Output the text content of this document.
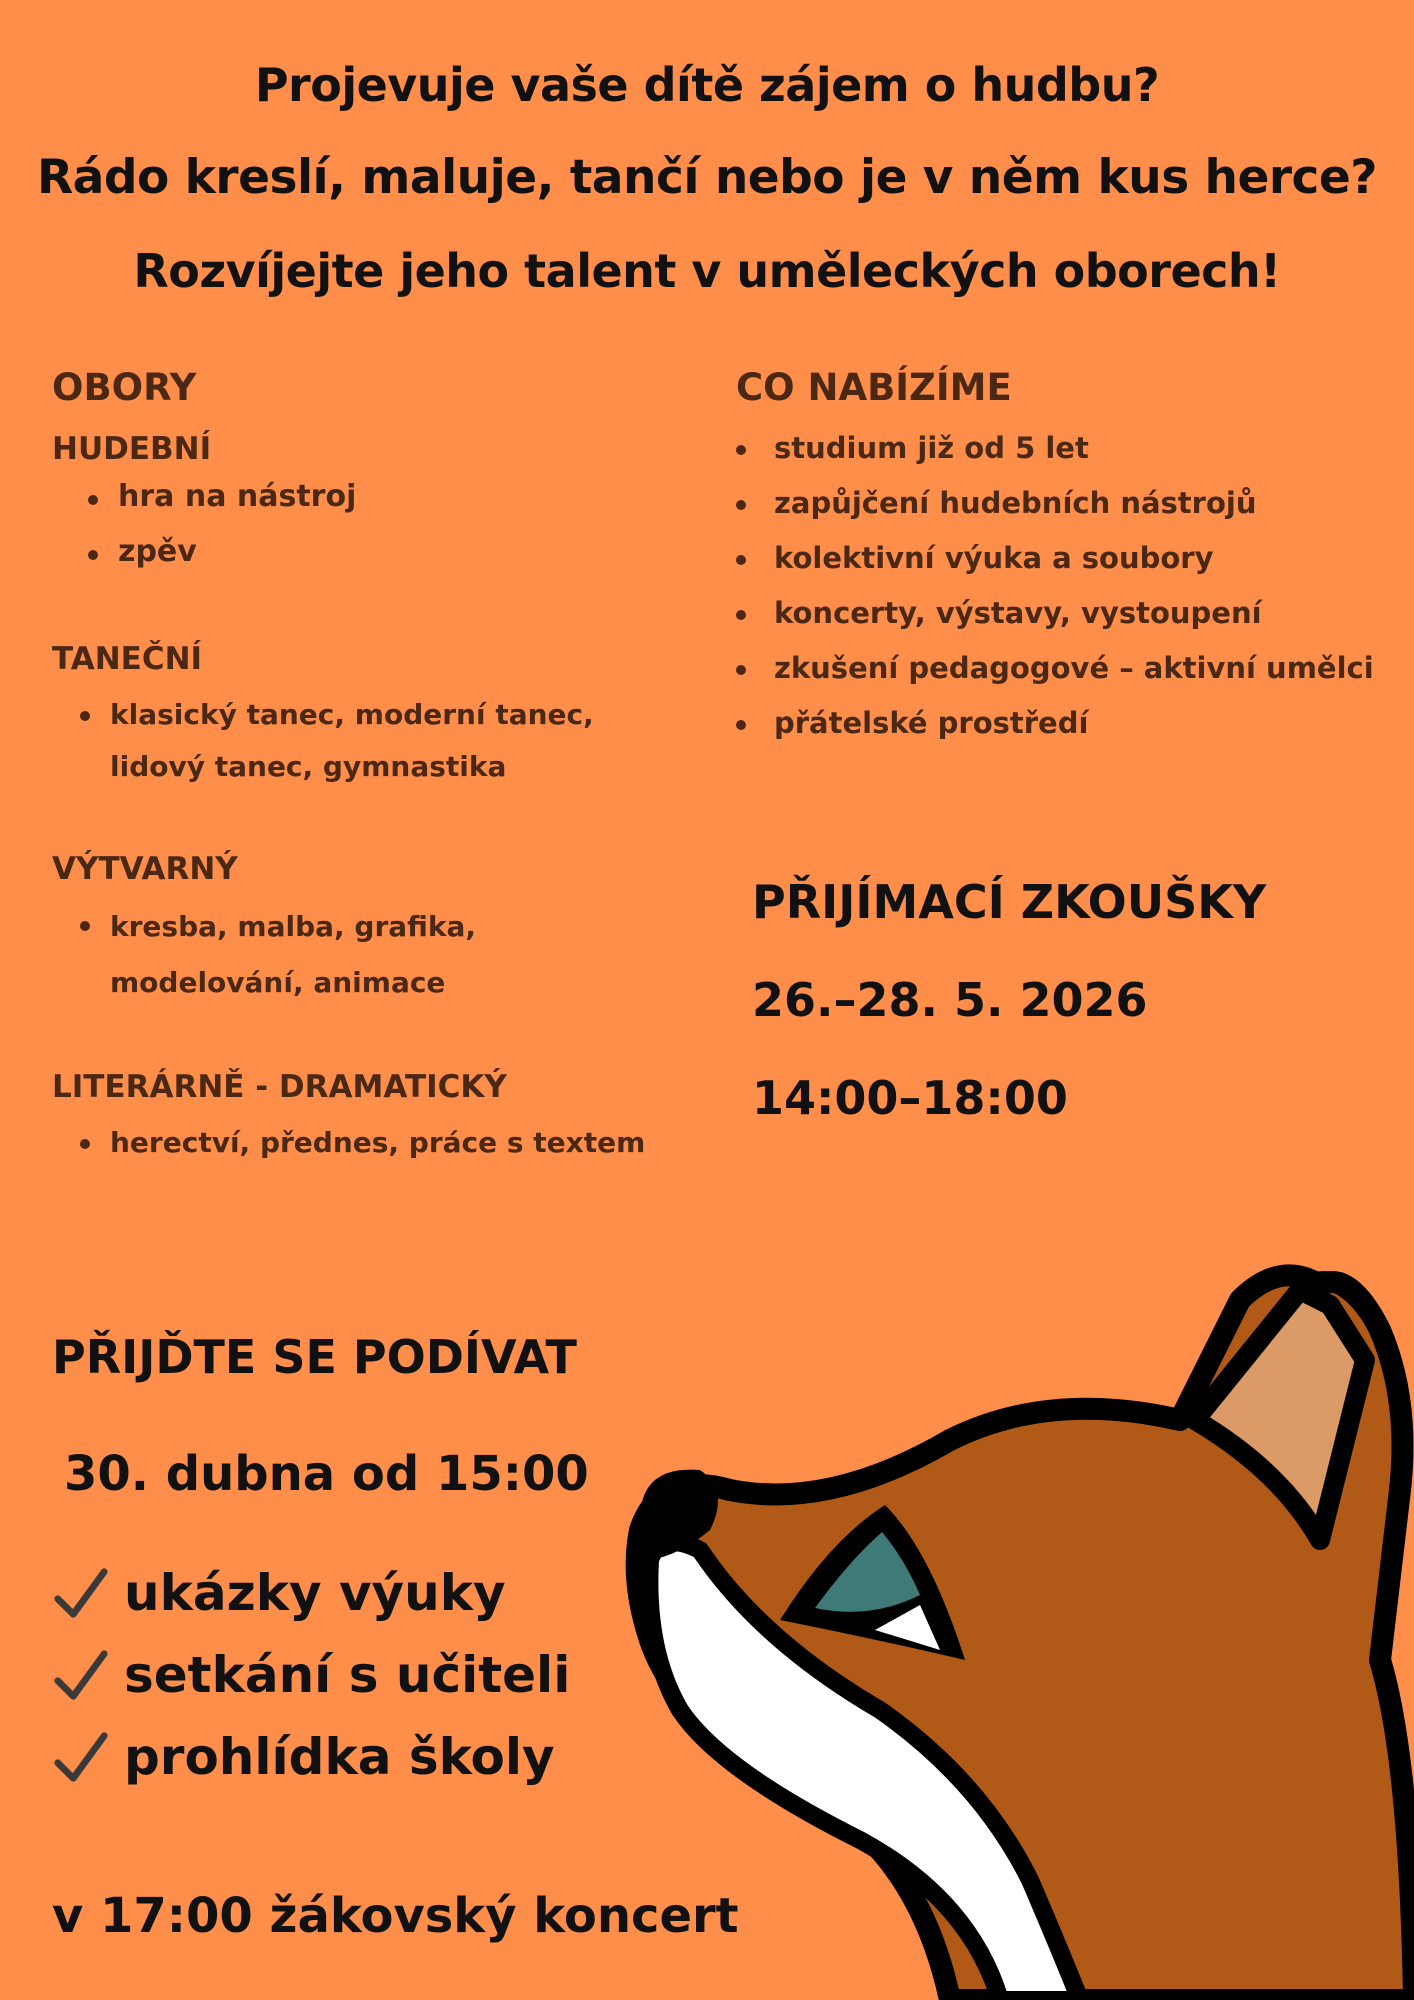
Projevuje vaše dítě zájem o hudbu?
Rádo kreslí, maluje, tančí nebo je v něm kus herce?
Rozvíjejte jeho talent v uměleckých oborech!
OBORY
HUDEBNÍ
hra na nástroj
zpěv
TANEČNÍ
klasický tanec, moderní tanec,
lidový tanec, gymnastika
VÝTVARNÝ
kresba, malba, grafika,
modelování, animace
LITERÁRNĚ - DRAMATICKÝ
herectví, přednes, práce s textem
CO NABÍZÍME
studium již od 5 let
zapůjčení hudebních nástrojů
kolektivní výuka a soubory
koncerty, výstavy, vystoupení
zkušení pedagogové – aktivní umělci
přátelské prostředí
PŘIJÍMACÍ ZKOUŠKY
26.–28. 5. 2026
14:00–18:00
PŘIJĎTE SE PODÍVAT
30. dubna od 15:00
ukázky výuky
setkání s učiteli
prohlídka školy
v 17:00 žákovský koncert
